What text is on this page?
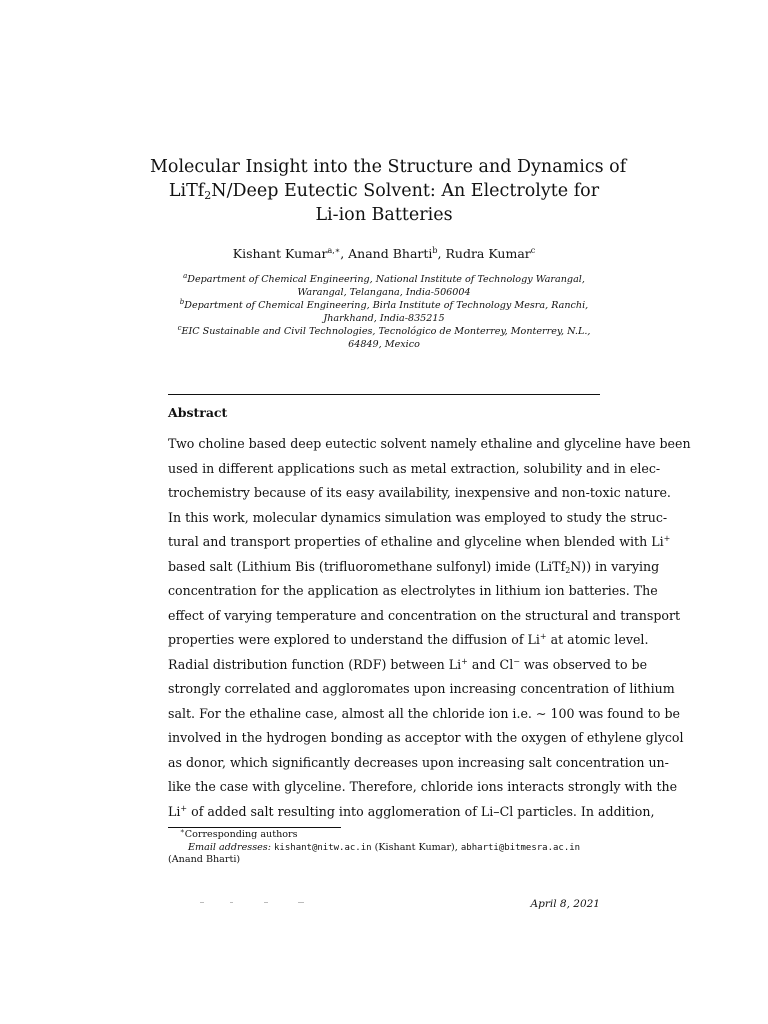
Molecular Insight into the Structure and Dynamics of
LiTf$_2$N/Deep Eutectic Solvent: An Electrolyte for
Li-ion Batteries
Kishant Kumar$^{a,∗}$, Anand Bharti$^b$, Rudra Kumar$^c$
$^a$Department of Chemical Engineering, National Institute of Technology Warangal,
Warangal, Telangana, India-506004
$^b$Department of Chemical Engineering, Birla Institute of Technology Mesra, Ranchi,
Jharkhand, India-835215
$^c$EIC Sustainable and Civil Technologies, Tecnológico de Monterrey, Monterrey, N.L.,
64849, Mexico
Abstract
Two choline based deep eutectic solvent namely ethaline and glyceline have been
used in different applications such as metal extraction, solubility and in elec-
trochemistry because of its easy availability, inexpensive and non-toxic nature.
In this work, molecular dynamics simulation was employed to study the struc-
tural and transport properties of ethaline and glyceline when blended with Li+
based salt (Lithium Bis (trifluoromethane sulfonyl) imide (LiTf$_2$N)) in varying
concentration for the application as electrolytes in lithium ion batteries. The
effect of varying temperature and concentration on the structural and transport
properties were explored to understand the diffusion of Li+ at atomic level.
Radial distribution function (RDF) between Li+ and Cl− was observed to be
strongly correlated and aggloromates upon increasing concentration of lithium
salt. For the ethaline case, almost all the chloride ion i.e. ∼ 100 was found to be
involved in the hydrogen bonding as acceptor with the oxygen of ethylene glycol
as donor, which significantly decreases upon increasing salt concentration un-
like the case with glyceline. Therefore, chloride ions interacts strongly with the
Li+ of added salt resulting into agglomeration of Li–Cl particles. In addition,
∗Corresponding authors
Email addresses: kishant@nitw.ac.in (Kishant Kumar), abharti@bitmesra.ac.in
(Anand Bharti)
April 8, 2021
